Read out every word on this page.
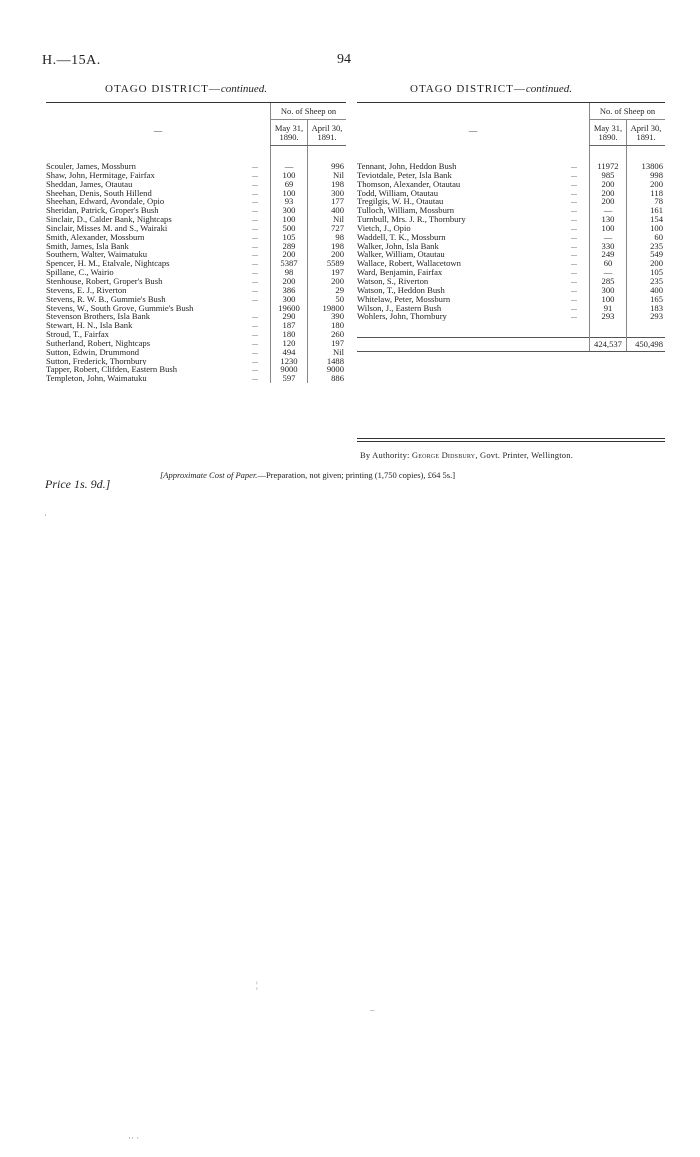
H.—15A.	94
OTAGO DISTRICT—continued.	OTAGO DISTRICT—continued.
—		No. of Sheep on	
		May 31, 1890.	April 30, 1891.

Scouler, James, Mossburn	...	—	996
Shaw, John, Hermitage, Fairfax	...	100	Nil
Sheddan, James, Otautau	...	69	198
Sheehan, Denis, South Hillend	...	100	300
Sheehan, Edward, Avondale, Opio	...	93	177
Sheridan, Patrick, Groper's Bush	...	300	400
Sinclair, D., Calder Bank, Nightcaps	...	100	Nil
Sinclair, Misses M. and S., Wairaki	...	500	727
Smith, Alexander, Mossburn	...	105	98
Smith, James, Isla Bank	...	289	198
Southern, Walter, Waimatuku	...	200	200
Spencer, H. M., Etalvale, Nightcaps	...	5387	5589
Spillane, C., Wairio	...	98	197
Stenhouse, Robert, Groper's Bush	...	200	200
Stevens, E. J., Riverton	...	386	29
Stevens, R. W. B., Gummie's Bush	...	300	50
Stevens, W., South Grove, Gummie's Bush		19600	19800
Stevenson Brothers, Isla Bank	...	290	390
Stewart, H. N., Isla Bank	...	187	180
Stroud, T., Fairfax	...	180	260
Sutherland, Robert, Nightcaps	...	120	197
Sutton, Edwin, Drummond	...	494	Nil
Sutton, Frederick, Thornbury	...	1230	1488
Tapper, Robert, Clifden, Eastern Bush	...	9000	9000
Templeton, John, Waimatuku	...	597	886
—		No. of Sheep on	
		May 31, 1890.	April 30, 1891.

Tennant, John, Heddon Bush	...	11972	13806
Teviotdale, Peter, Isla Bank	...	985	998
Thomson, Alexander, Otautau	...	200	200
Todd, William, Otautau	...	200	118
Tregilgis, W. H., Otautau	...	200	78
Tulloch, William, Mossburn	...	—	161
Turnbull, Mrs. J. R., Thornbury	...	130	154
Vietch, J., Opio	...	100	100
Waddell, T. K., Mossburn	...	—	60
Walker, John, Isla Bank	...	330	235
Walker, William, Otautau	...	249	549
Wallace, Robert, Wallacetown	...	60	200
Ward, Benjamin, Fairfax	...	—	105
Watson, S., Riverton	...	285	235
Watson, T., Heddon Bush	...	300	400
Whitelaw, Peter, Mossburn	...	100	165
Wilson, J., Eastern Bush	...	91	183
Wohlers, John, Thornbury	...	293	293

		424,537	450,498
By Authority: George Didsbury, Govt. Printer, Wellington.
[Approximate Cost of Paper.—Preparation, not given; printing (1,750 copies), £64 5s.]
Price 1s. 9d.]
·
¦
–
·· ·
